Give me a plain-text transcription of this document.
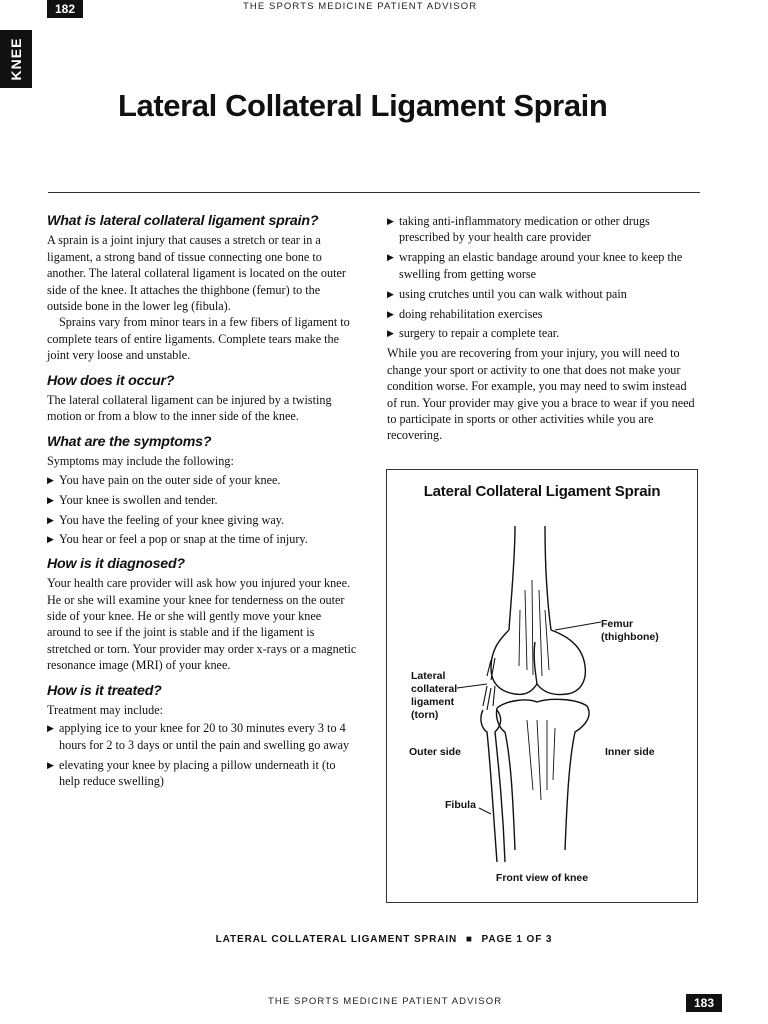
182	THE SPORTS MEDICINE PATIENT ADVISOR
KNEE
Lateral Collateral Ligament Sprain
What is lateral collateral ligament sprain?

A sprain is a joint injury that causes a stretch or tear in a ligament, a strong band of tissue connecting one bone to another. The lateral collateral ligament is located on the outer side of the knee. It attaches the thighbone (femur) to the outside bone in the lower leg (fibula).

Sprains vary from minor tears in a few fibers of ligament to complete tears of entire ligaments. Complete tears make the joint very loose and unstable.

How does it occur?

The lateral collateral ligament can be injured by a twisting motion or from a blow to the inner side of the knee.

What are the symptoms?

Symptoms may include the following:

▶ You have pain on the outer side of your knee.
▶ Your knee is swollen and tender.
▶ You have the feeling of your knee giving way.
▶ You hear or feel a pop or snap at the time of injury.
How is it diagnosed?

Your health care provider will ask how you injured your knee. He or she will examine your knee for tenderness on the outer side of your knee. He or she will gently move your knee around to see if the joint is stable and if the ligament is stretched or torn. Your provider may order x-rays or a magnetic resonance image (MRI) of your knee.

How is it treated?

Treatment may include:

▶ applying ice to your knee for 20 to 30 minutes every 3 to 4 hours for 2 to 3 days or until the pain and swelling go away
▶ elevating your knee by placing a pillow underneath it (to help reduce swelling)
▶ taking anti-inflammatory medication or other drugs prescribed by your health care provider
▶ wrapping an elastic bandage around your knee to keep the swelling from getting worse
▶ using crutches until you can walk without pain
▶ doing rehabilitation exercises
▶ surgery to repair a complete tear.

While you are recovering from your injury, you will need to change your sport or activity to one that does not make your condition worse. For example, you may need to swim instead of run. Your provider may give you a brace to wear if you need to participate in sports or other activities while you are recovering.

Lateral Collateral Ligament Sprain
Femur
(thighbone)
Lateral
collateral
ligament
(torn)
Outer side	Inner side
Fibula
Front view of knee
LATERAL COLLATERAL LIGAMENT SPRAIN ■ PAGE 1 OF 3
THE SPORTS MEDICINE PATIENT ADVISOR	183
